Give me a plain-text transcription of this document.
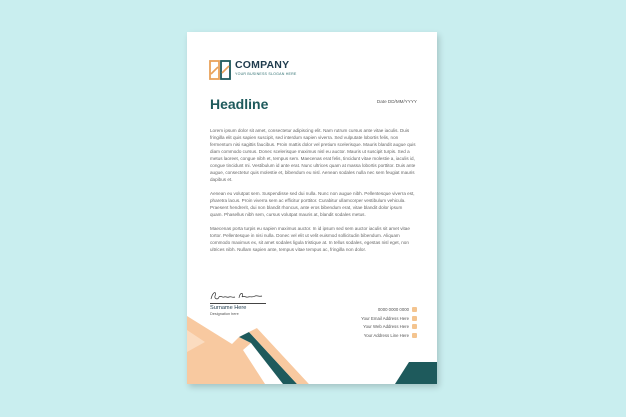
COMPANY
YOUR BUSINESS SLOGAN HERE
Headline	Date DD/MM/YYYY

Lorem ipsum dolor sit amet, consectetur adipiscing elit. Nam rutrum cursus ante vitae iaculis. Duis fringilla elit quis sapien suscipit, sed interdum sapien viverra. Sed vulputate lobortis felis, non fermentum nisi sagittis faucibus. Proin mattis dolor vel pretium scelerisque. Mauris blandit augue quis diam commodo cursus. Donec scelerisque maximus nisl eu auctor. Mauris ut suscipit turpis. Sed a metus laoreet, congue nibh et, tempus sem. Maecenas erat felis, tincidunt vitae molestie a, iaculis id, congue tincidunt mi. Vestibulum id ante erat. Nunc ultrices quam at massa lobortis porttitor. Duis ante augue, consectetur quis molestie et, bibendum eu nisl. Aenean sodales nulla nec sem feugiat mauris dapibus et.

Aenean eu volutpat sem. Suspendisse sed dui nulla. Nunc non augue nibh. Pellentesque viverra est, pharetra lacus. Proin viverra sem ac efficitur porttitor. Curabitur ullamcorper vestibulum vehicula. Praesent hendrerit, dui non blandit rhoncus, ante eros bibendum erat, vitae blandit dolor ipsum quam. Phasellus nibh sem, cursus volutpat mauris at, blandit sodales metus.

Maecenas porta turpis eu sapien maximus auctor. In id ipsum sed sem auctor iaculis sit amet vitae tortor. Pellentesque in nisi nulla. Donec vel elit ut velit euismod sollicitudin bibendum. Aliquam commodo maximus ex, sit amet sodales ligula tristique at. In tellus sodales, egestas nisl eget, non ultrices nibh. Nullam sapien ante, tempus vitae tempus ac, fringilla non dolor.

Surname Here
Designation here
0000 0000 0000
Your Email Address Here
Your Web Address Here
Your Address Line Here
